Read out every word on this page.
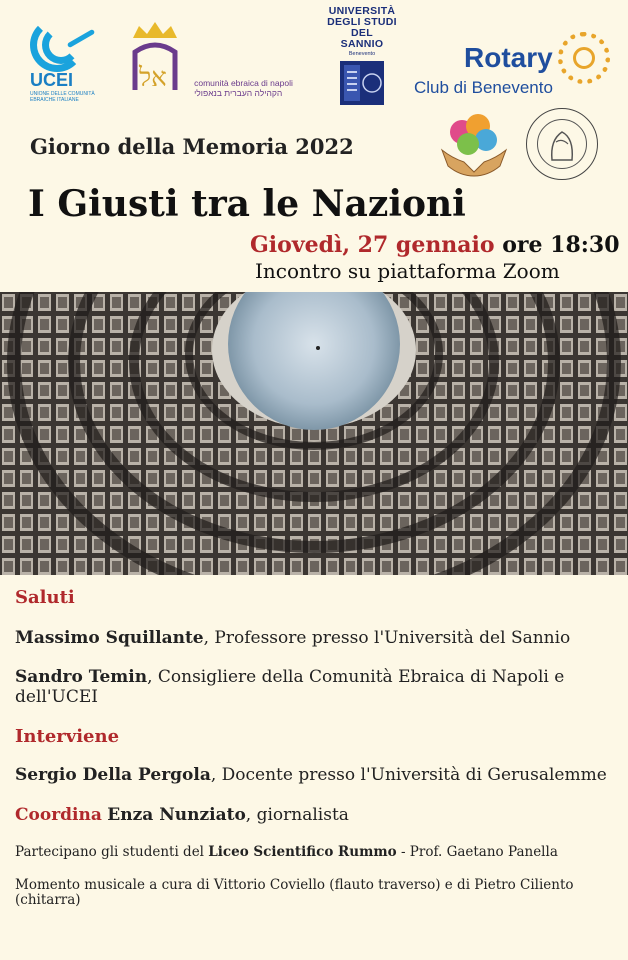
UCEI
UNIONE DELLE COMUNITÀ EBRAICHE ITALIANE
אל
	comunità ebraica di napoli
הקהילה העברית בנאפולי
UNIVERSITÀ
DEGLI STUDI
DEL
SANNIO
Benevento	Rotary
Club di Benevento
Giorno della Memoria 2022
I Giusti tra le Nazioni
Giovedì, 27 gennaio ore 18:30
Incontro su piattaforma Zoom

Saluti

Massimo Squillante, Professore presso l'Università del Sannio

Sandro Temin, Consigliere della Comunità Ebraica di Napoli e dell'UCEI

Interviene

Sergio Della Pergola, Docente presso l'Università di Gerusalemme

Coordina Enza Nunziato, giornalista

Partecipano gli studenti del Liceo Scientifico Rummo - Prof. Gaetano Panella

Momento musicale a cura di Vittorio Coviello (flauto traverso) e di Pietro Ciliento (chitarra)
